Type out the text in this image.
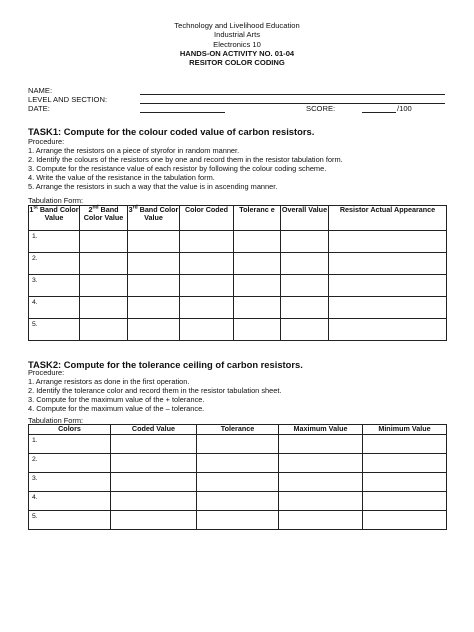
Technology and Livelihood Education
Industrial Arts
Electronics 10
HANDS-ON ACTIVITY NO. 01-04
RESITOR COLOR CODING
NAME:
LEVEL AND SECTION:
DATE:	SCORE:	/100
TASK1: Compute for the colour coded value of carbon resistors.
Procedure:
1. Arrange the resistors on a piece of styrofor in random manner.
2. Identify the colours of the resistors one by one and record them in the resistor tabulation form.
3. Compute for the resistance value of each resistor by following the colour coding scheme.
4. Write the value of the resistance in the tabulation form.
5. Arrange the resistors in such a way that the value is in ascending manner.
Tabulation Form:
1st Band Color Value	2nd Band Color Value	3rd Band Color Value	Color Coded	Toleranc e	Overall Value	Resistor Actual Appearance
1.						
2.						
3.						
4.						
5.						
TASK2: Compute for the tolerance ceiling of carbon resistors.
Procedure:
1. Arrange resistors as done in the first operation.
2. Identify the tolerance color and record them in the resistor tabulation sheet.
3. Compute for the maximum value of the + tolerance.
4. Compute for the maximum value of the – tolerance.
Tabulation Form:
Colors	Coded Value	Tolerance	Maximum Value	Minimum Value
1.				
2.				
3.				
4.				
5.				
